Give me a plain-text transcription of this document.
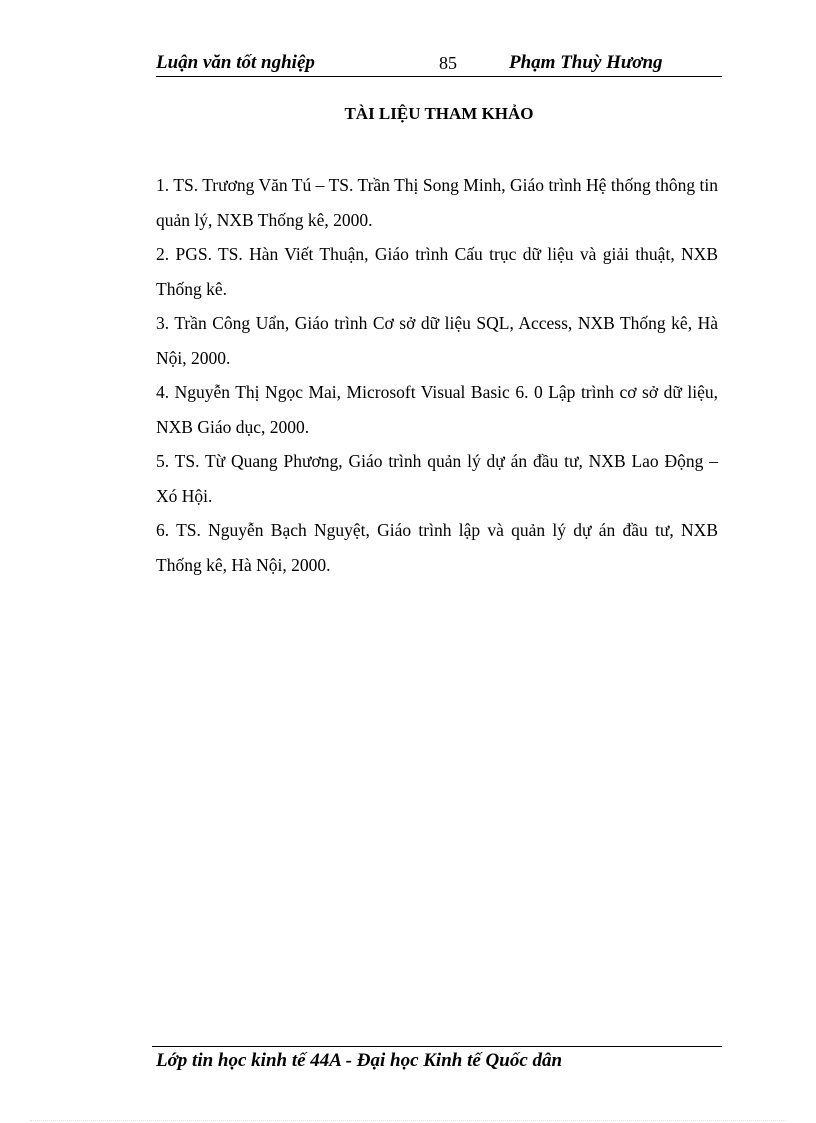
Luận văn tốt nghiệp	85	Phạm Thuỳ Hương
TÀI LIỆU THAM KHẢO
1. TS. Trương Văn Tú – TS. Trần Thị Song Minh, Giáo trình Hệ thống thông tin quản lý, NXB Thống kê, 2000.
2. PGS. TS. Hàn Viết Thuận, Giáo trình Cấu trục dữ liệu và giải thuật, NXB Thống kê.
3. Trần Công Uẩn, Giáo trình Cơ sở dữ liệu SQL, Access, NXB Thống kê, Hà Nội, 2000.
4. Nguyễn Thị Ngọc Mai, Microsoft Visual Basic 6. 0 Lập trình cơ sở dữ liệu, NXB Giáo dục, 2000.
5. TS. Từ Quang Phương, Giáo trình quản lý dự án đầu tư, NXB Lao Động – Xó Hội.
6. TS. Nguyễn Bạch Nguyệt, Giáo trình lập và quản lý dự án đầu tư, NXB Thống kê, Hà Nội, 2000.
Lớp tin học kinh tế 44A - Đại học Kinh tế Quốc dân
